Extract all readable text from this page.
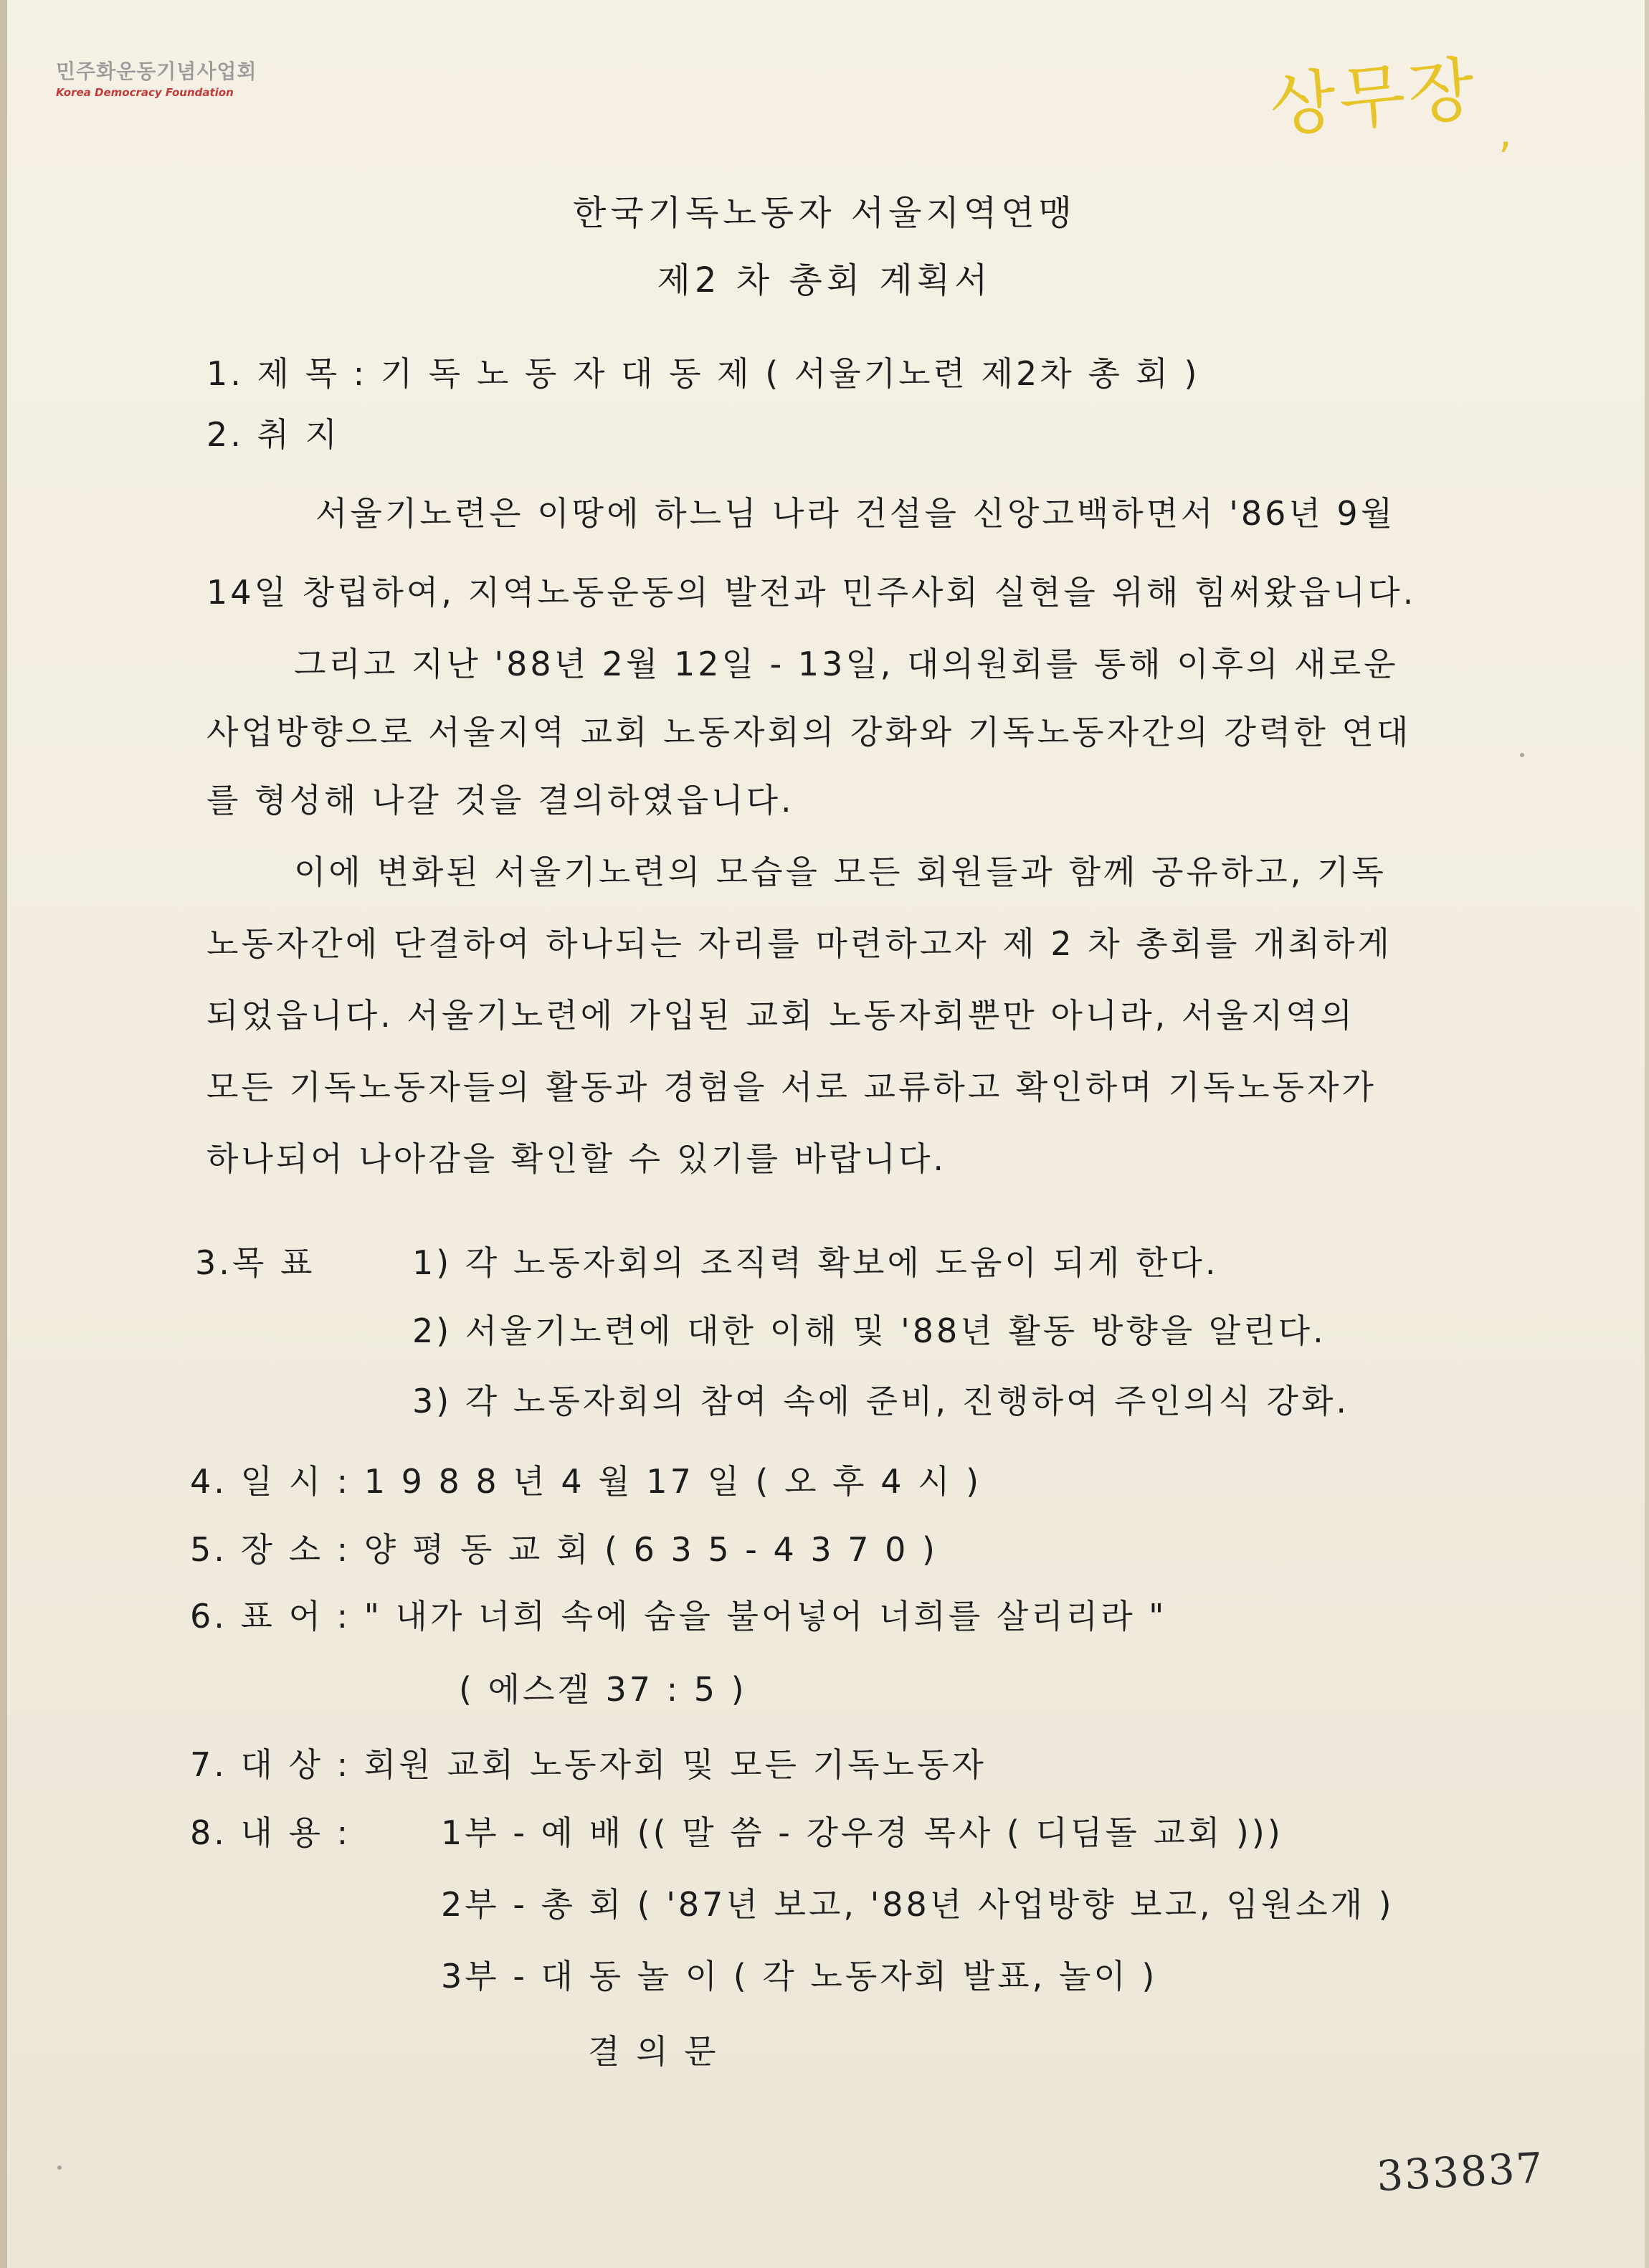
민주화운동기념사업회
Korea Democracy Foundation	상무장 ,
한국기독노동자 서울지역연맹
제2 차 총회 계획서
1. 제 목 : 기 독 노 동 자 대 동 제 ( 서울기노련 제2차 총 회 )
2. 취 지
서울기노련은 이땅에 하느님 나라 건설을 신앙고백하면서 '86년 9월
14일 창립하여, 지역노동운동의 발전과 민주사회 실현을 위해 힘써왔읍니다.
그리고 지난 '88년 2월 12일 - 13일, 대의원회를 통해 이후의 새로운
사업방향으로 서울지역 교회 노동자회의 강화와 기독노동자간의 강력한 연대
를 형성해 나갈 것을 결의하였읍니다.
이에 변화된 서울기노련의 모습을 모든 회원들과 함께 공유하고, 기독
노동자간에 단결하여 하나되는 자리를 마련하고자 제 2 차 총회를 개최하게
되었읍니다. 서울기노련에 가입된 교회 노동자회뿐만 아니라, 서울지역의
모든 기독노동자들의 활동과 경험을 서로 교류하고 확인하며 기독노동자가
하나되어 나아감을 확인할 수 있기를 바랍니다.
3.목 표	1) 각 노동자회의 조직력 확보에 도움이 되게 한다.
2) 서울기노련에 대한 이해 및 '88년 활동 방향을 알린다.
3) 각 노동자회의 참여 속에 준비, 진행하여 주인의식 강화.
4. 일 시 : 1 9 8 8 년 4 월 17 일 ( 오 후 4 시 )
5. 장 소 : 양 평 동 교 회 ( 6 3 5 - 4 3 7 0 )
6. 표 어 : " 내가 너희 속에 숨을 불어넣어 너희를 살리리라 "
( 에스겔 37 : 5 )
7. 대 상 : 회원 교회 노동자회 및 모든 기독노동자
8. 내 용 :	1부 - 예 배 (( 말 씀 - 강우경 목사 ( 디딤돌 교회 )))
2부 - 총 회 ( '87년 보고, '88년 사업방향 보고, 임원소개 )
3부 - 대 동 놀 이 ( 각 노동자회 발표, 놀이 )
결 의 문
333837
